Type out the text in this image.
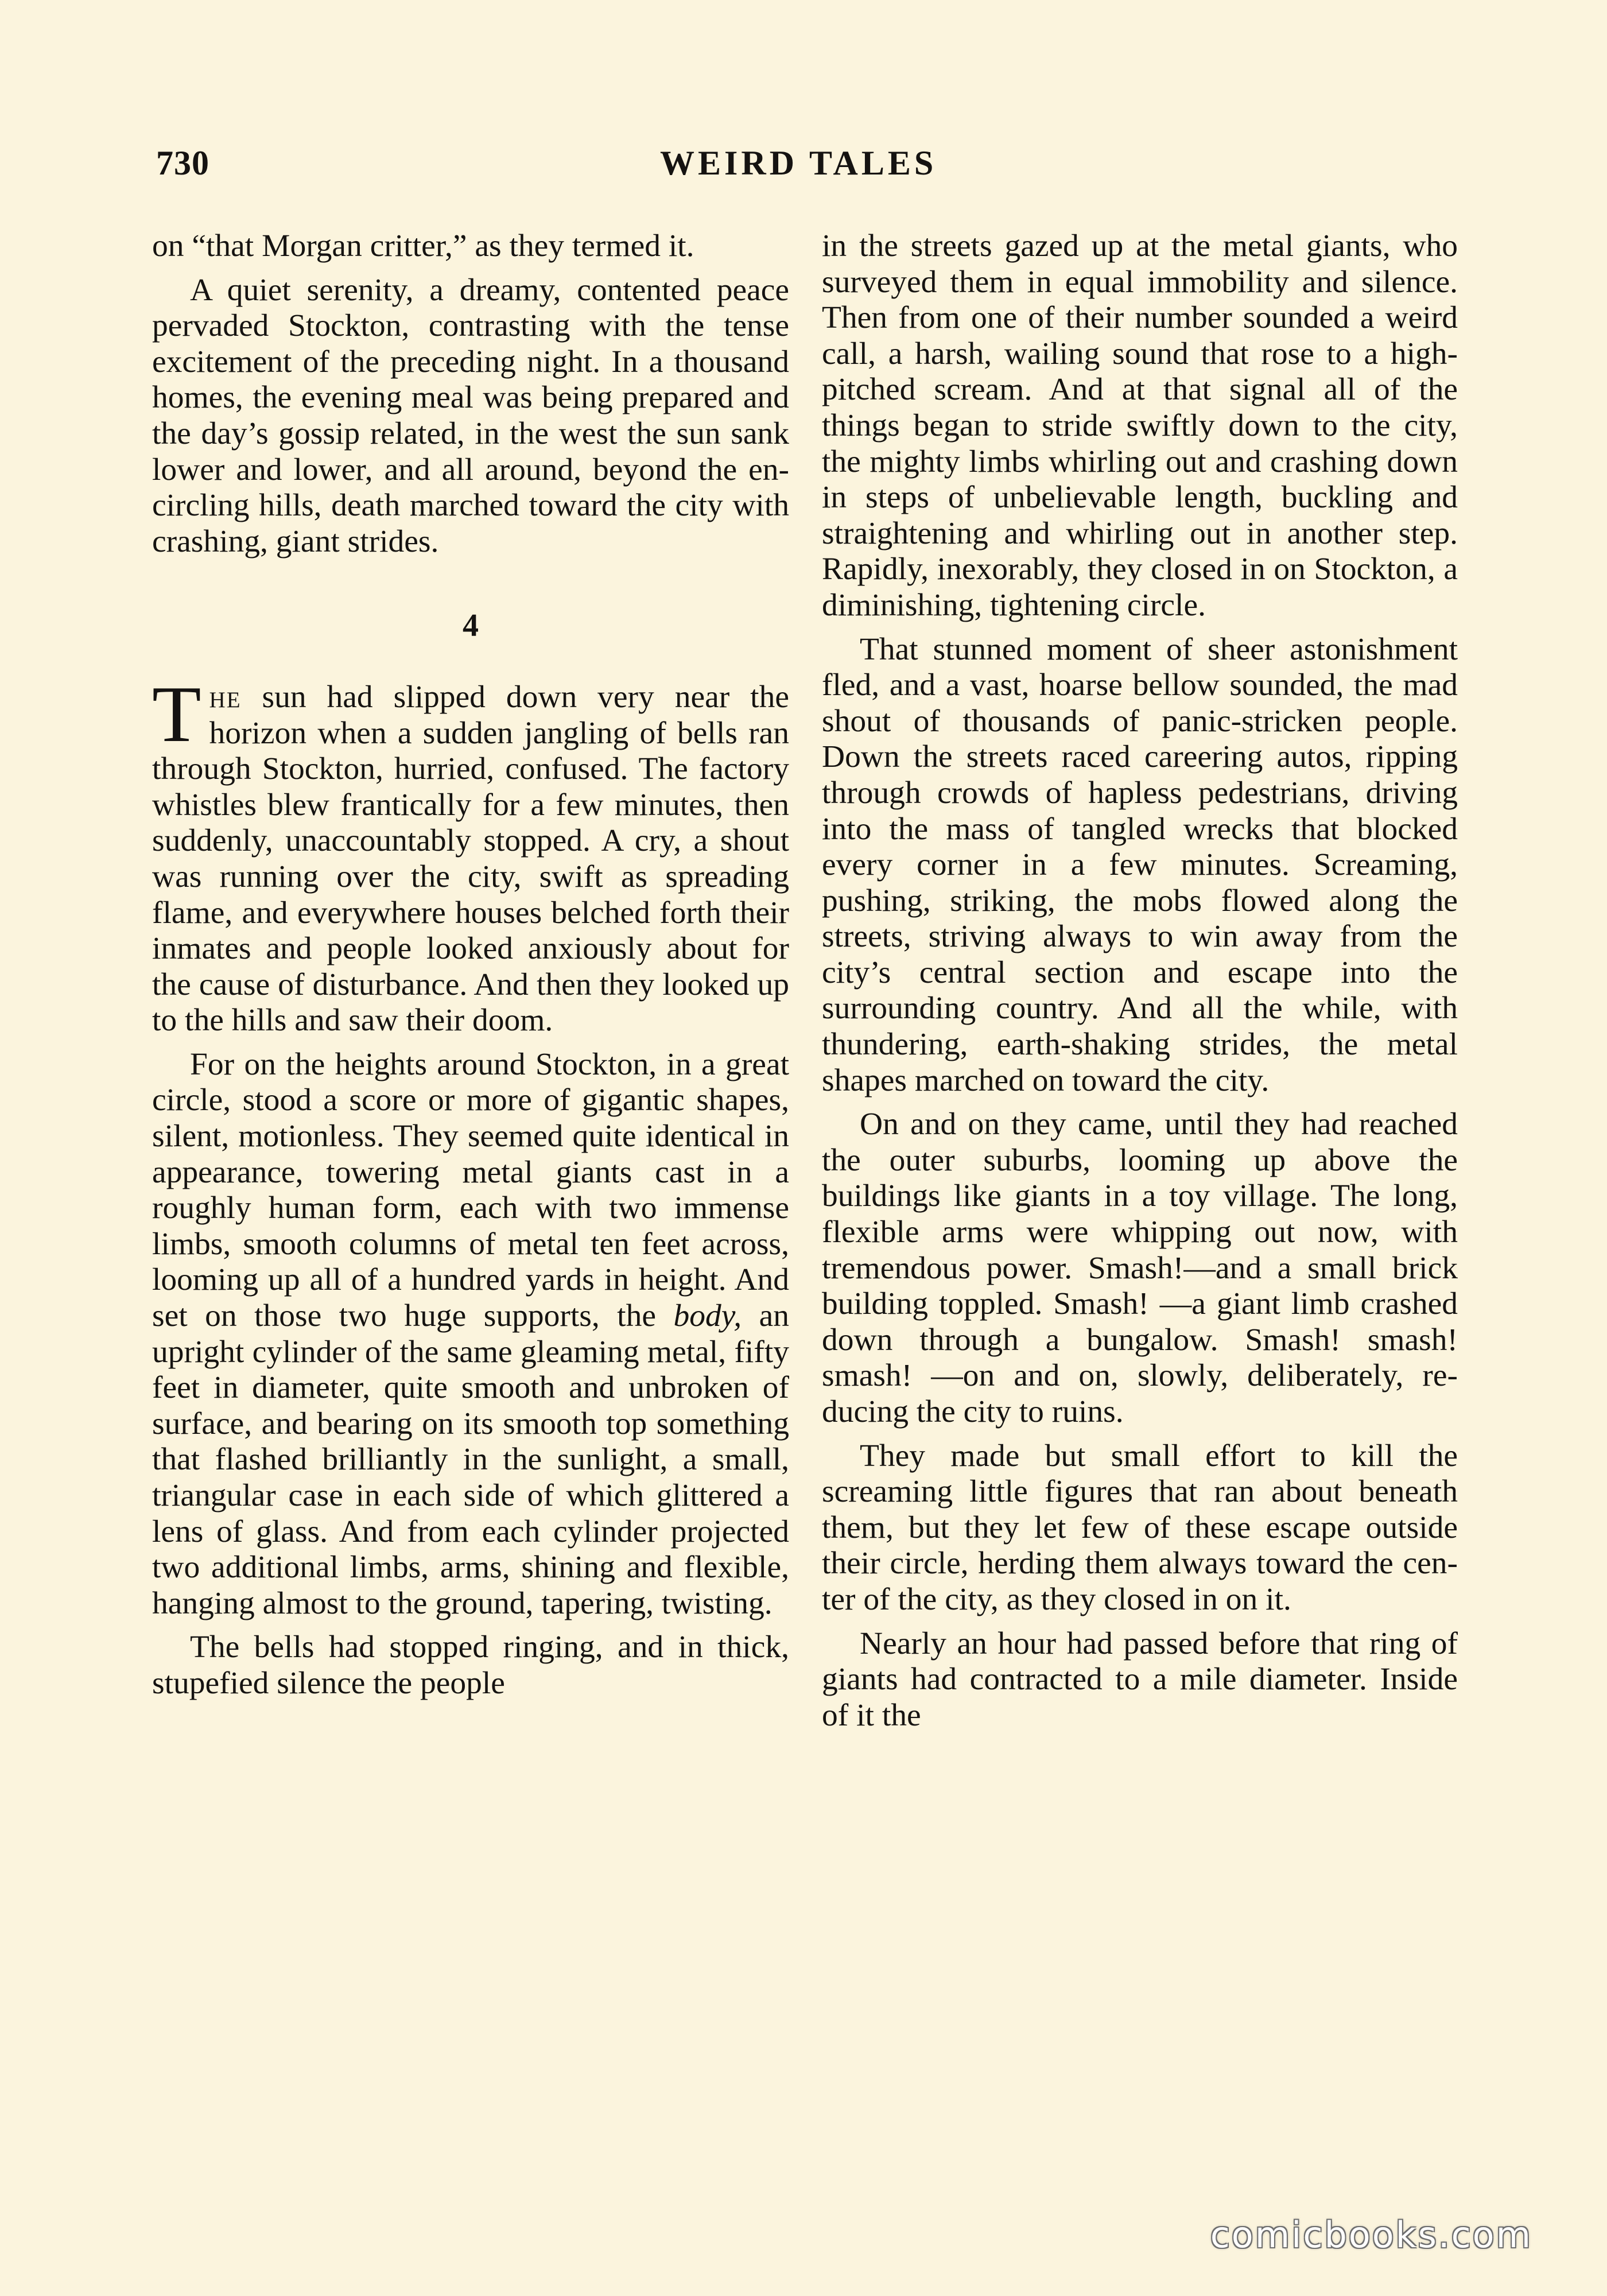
730	WEIRD TALES

on “that Morgan critter,” as they termed it.

A quiet serenity, a dreamy, contented peace pervaded Stockton, contrasting with the tense excitement of the preceding night. In a thousand homes, the evening meal was being prepared and the day’s gossip related, in the west the sun sank lower and lower, and all around, beyond the encircling hills, death marched toward the city with crashing, giant strides.

4

The sun had slipped down very near the horizon when a sudden jangling of bells ran through Stockton, hurried, confused. The factory whistles blew frantically for a few minutes, then suddenly, unaccountably stopped. A cry, a shout was running over the city, swift as spreading flame, and everywhere houses belched forth their inmates and people looked anxiously about for the cause of disturbance. And then they looked up to the hills and saw their doom.

For on the heights around Stockton, in a great circle, stood a score or more of gigantic shapes, silent, motionless. They seemed quite identical in appearance, towering metal giants cast in a roughly human form, each with two immense limbs, smooth columns of metal ten feet across, looming up all of a hundred yards in height. And set on those two huge supports, the body, an upright cylinder of the same gleaming metal, fifty feet in diameter, quite smooth and unbroken of surface, and bearing on its smooth top something that flashed brilliantly in the sunlight, a small, triangular case in each side of which glittered a lens of glass. And from each cylinder projected two additional limbs, arms, shining and flexible, hanging almost to the ground, tapering, twisting.

The bells had stopped ringing, and in thick, stupefied silence the people

in the streets gazed up at the metal giants, who surveyed them in equal immobility and silence. Then from one of their number sounded a weird call, a harsh, wailing sound that rose to a high-pitched scream. And at that signal all of the things began to stride swiftly down to the city, the mighty limbs whirling out and crashing down in steps of unbelievable length, buckling and straightening and whirling out in another step. Rapidly, inexorably, they closed in on Stockton, a diminishing, tightening circle.

That stunned moment of sheer astonishment fled, and a vast, hoarse bellow sounded, the mad shout of thousands of panic-stricken people. Down the streets raced careering autos, ripping through crowds of hapless pedestrians, driving into the mass of tangled wrecks that blocked every corner in a few minutes. Screaming, pushing, striking, the mobs flowed along the streets, striving always to win away from the city’s central section and escape into the surrounding country. And all the while, with thundering, earth-shaking strides, the metal shapes marched on toward the city.

On and on they came, until they had reached the outer suburbs, looming up above the buildings like giants in a toy village. The long, flexible arms were whipping out now, with tremendous power. Smash!—and a small brick building toppled. Smash! —a giant limb crashed down through a bungalow. Smash! smash! smash! —on and on, slowly, deliberately, reducing the city to ruins.

They made but small effort to kill the screaming little figures that ran about beneath them, but they let few of these escape outside their circle, herding them always toward the center of the city, as they closed in on it.

Nearly an hour had passed before that ring of giants had contracted to a mile diameter. Inside of it the

comicbooks.com
